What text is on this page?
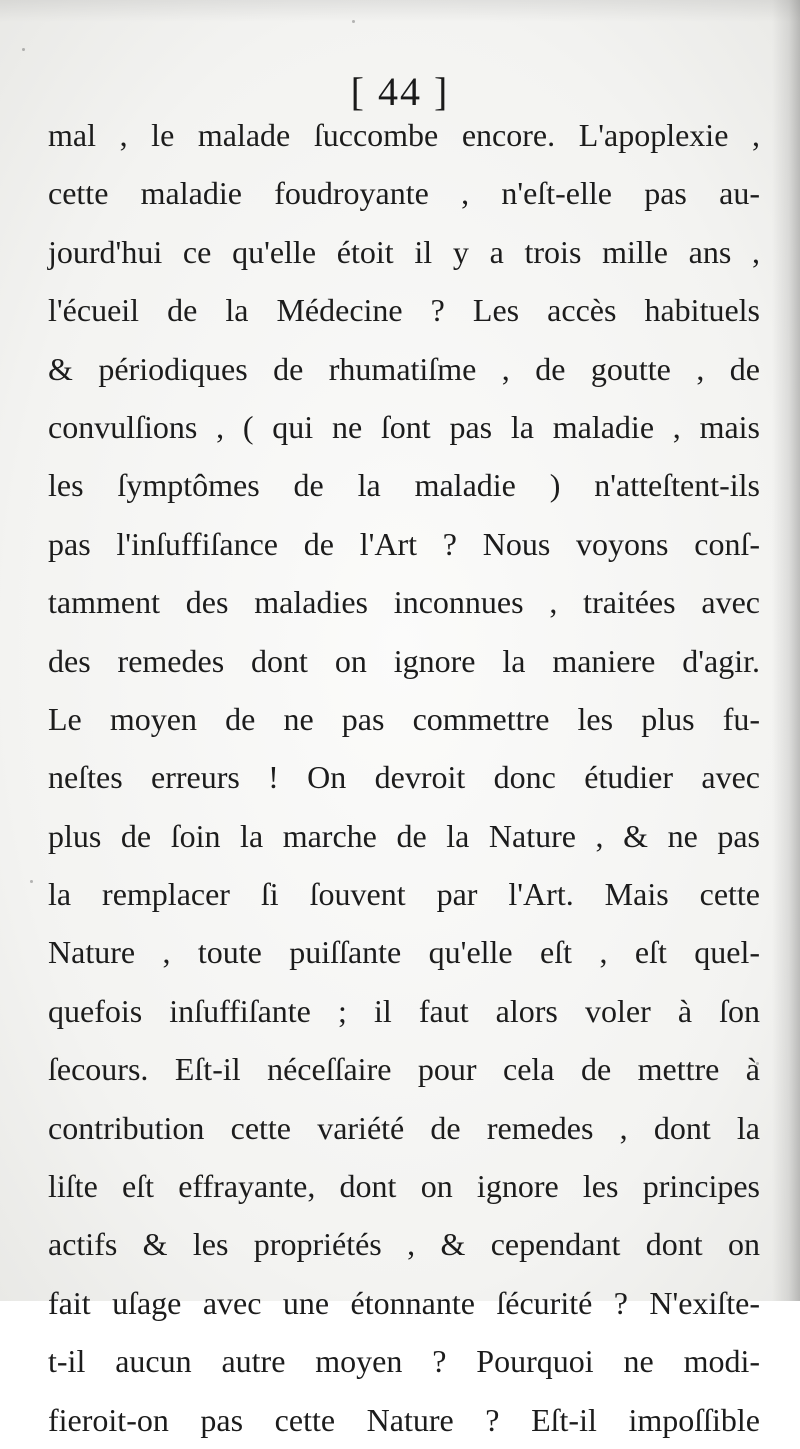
[ 44 ]
mal , le malade ſuccombe encore. L'apoplexie ,
cette maladie foudroyante , n'eſt-elle pas au-
jourd'hui ce qu'elle étoit il y a trois mille ans ,
l'écueil de la Médecine ? Les accès habituels
& périodiques de rhumatiſme , de goutte , de
convulſions , ( qui ne ſont pas la maladie , mais
les ſymptômes de la maladie ) n'atteſtent-ils
pas l'inſuffiſance de l'Art ? Nous voyons conſ-
tamment des maladies inconnues , traitées avec
des remedes dont on ignore la maniere d'agir.
Le moyen de ne pas commettre les plus fu-
neſtes erreurs ! On devroit donc étudier avec
plus de ſoin la marche de la Nature , & ne pas
la remplacer ſi ſouvent par l'Art. Mais cette
Nature , toute puiſſante qu'elle eſt , eſt quel-
quefois inſuffiſante ; il faut alors voler à ſon
ſecours. Eſt-il néceſſaire pour cela de mettre à
contribution cette variété de remedes , dont la
liſte eſt effrayante, dont on ignore les principes
actifs & les propriétés , & cependant dont on
fait uſage avec une étonnante ſécurité ? N'exiſte-
t-il aucun autre moyen ? Pourquoi ne modi-
fieroit-on pas cette Nature ? Eſt-il impoſſible
